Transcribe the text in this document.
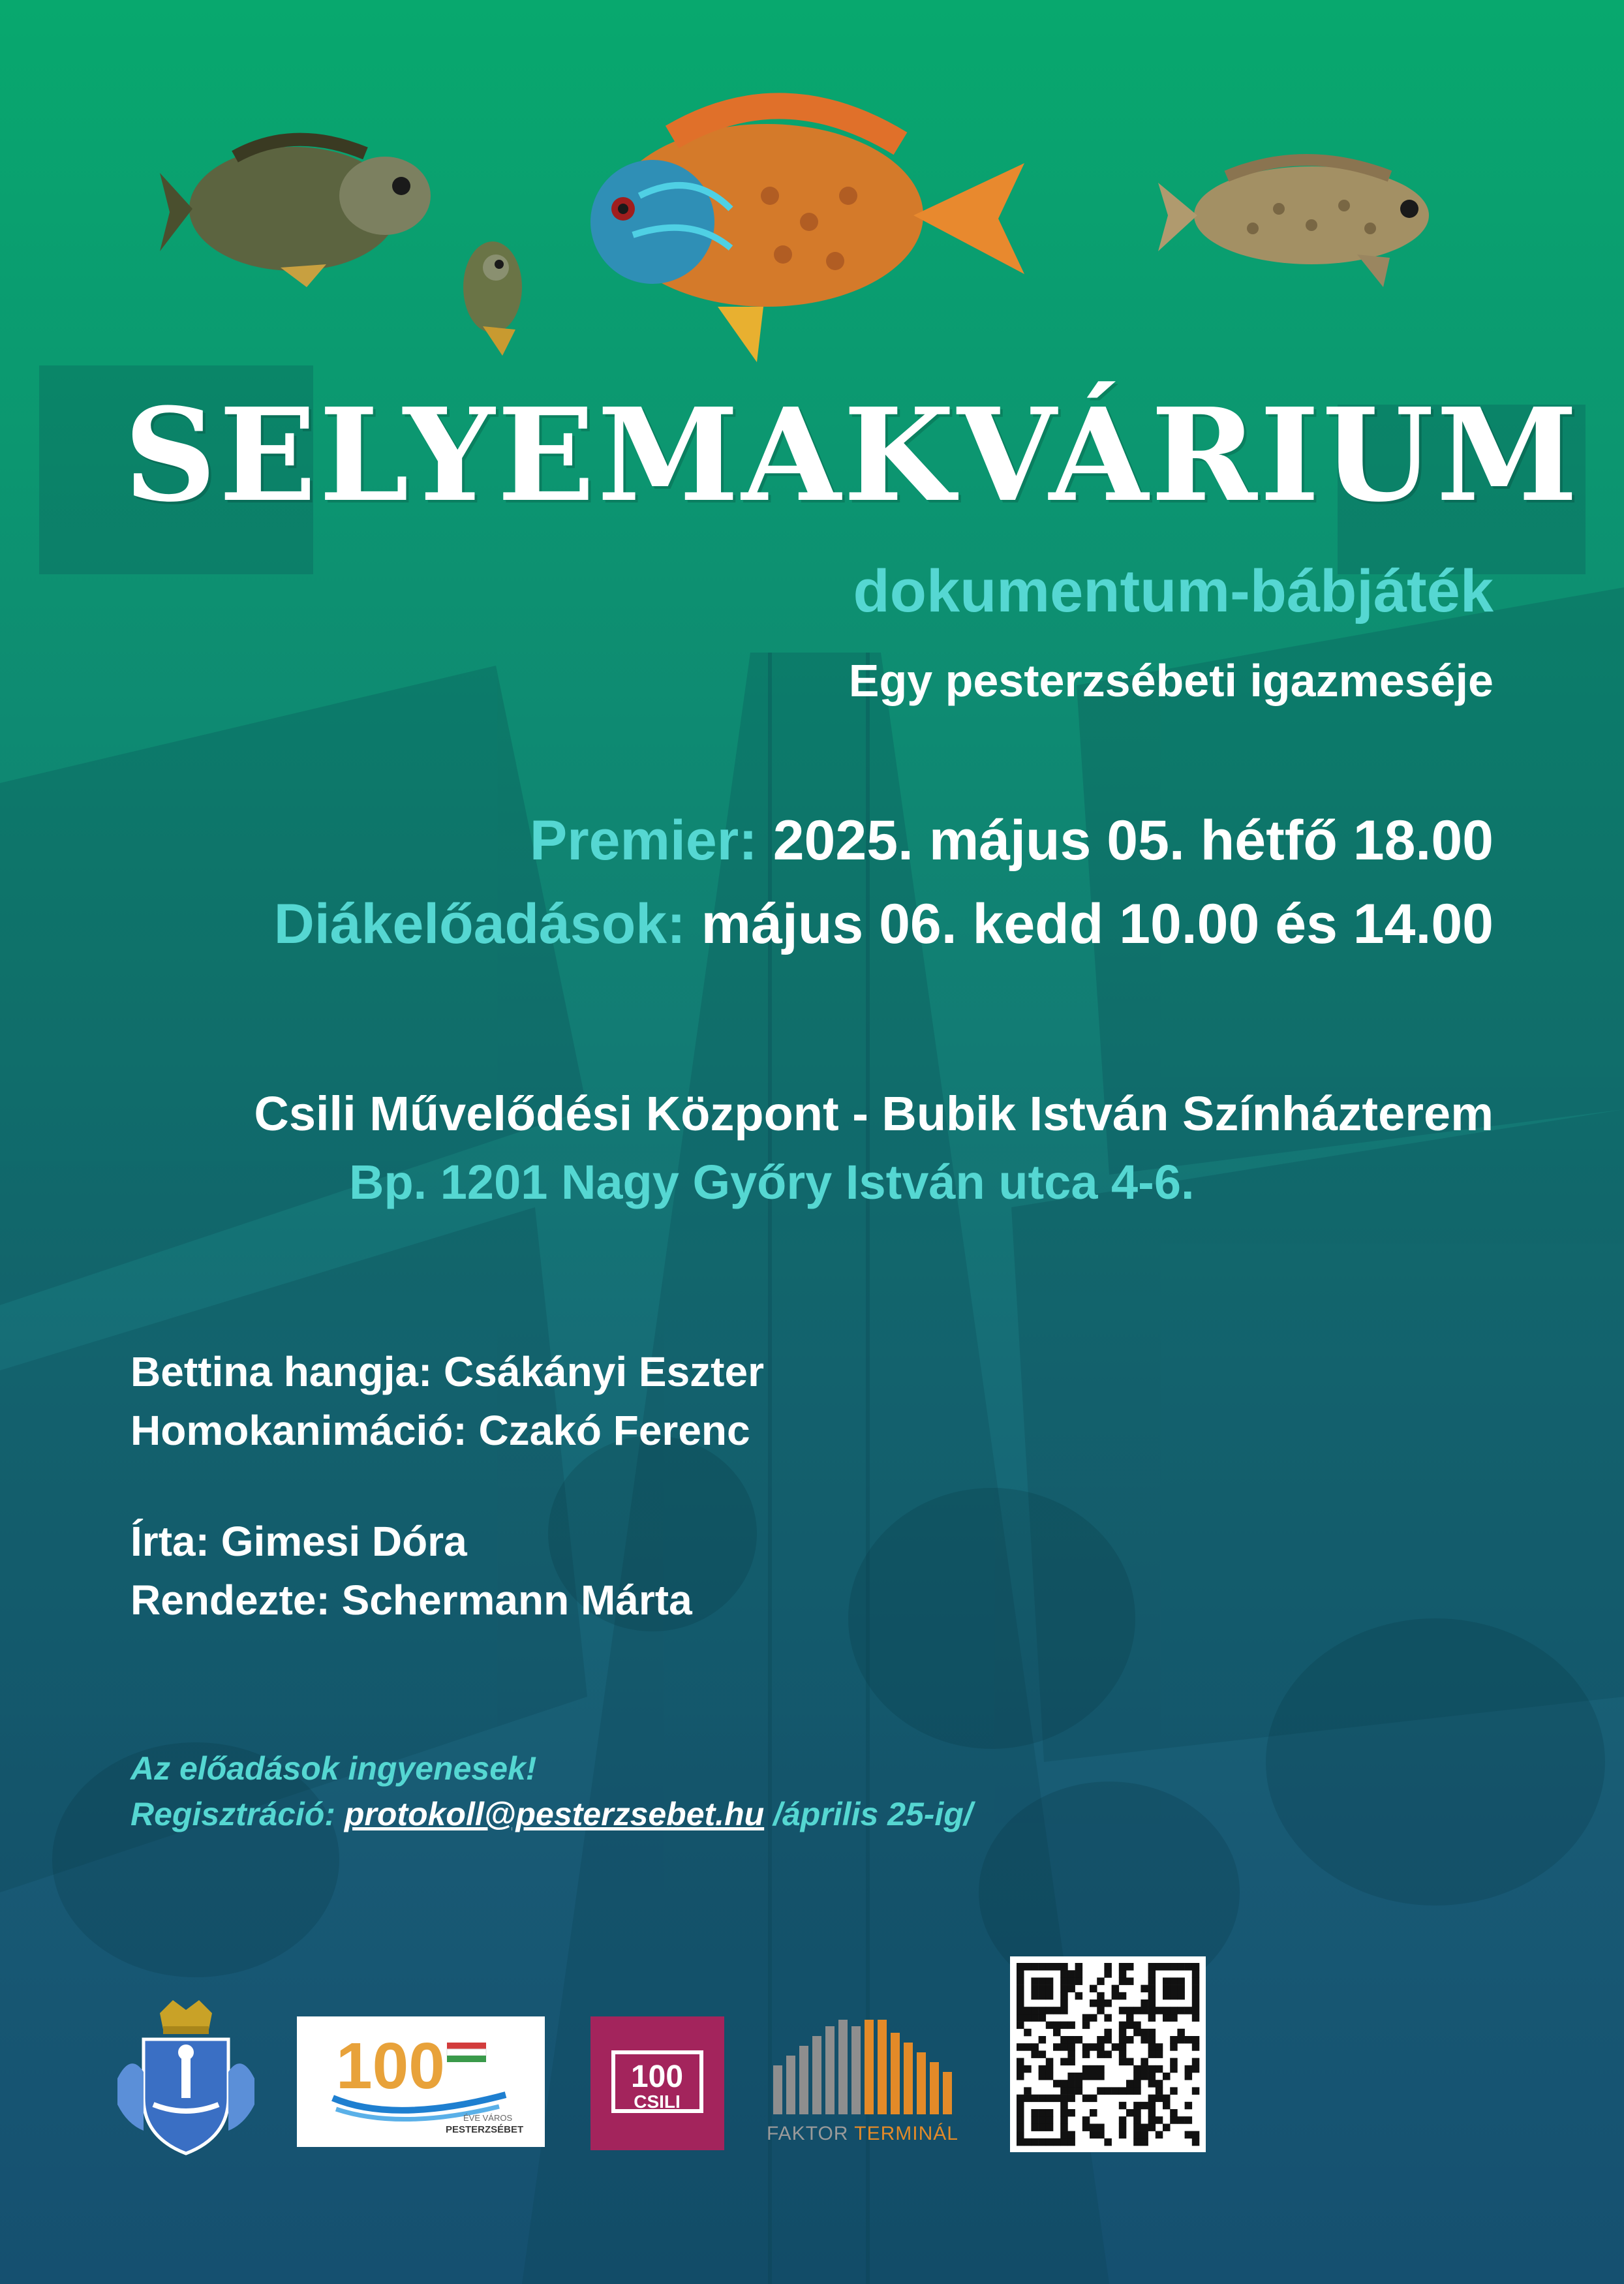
SELYEMAKVÁRIUM

dokumentum-bábjáték

Egy pesterzsébeti igazmeséje

Premier: 2025. május 05. hétfő 18.00

Diákelőadások: május 06. kedd 10.00 és 14.00

Csili Művelődési Központ - Bubik István Színházterem

Bp. 1201 Nagy Győry István utca 4-6.

Bettina hangja: Csákányi Eszter

Homokanimáció: Czakó Ferenc

Írta: Gimesi Dóra

Rendezte: Schermann Márta

Az előadások ingyenesek!

Regisztráció: protokoll@pesterzsebet.hu /április 25-ig/

100
ÉVE VÁROS
PESTERZSÉBET
100
CSILI
FAKTOR TERMINÁL
